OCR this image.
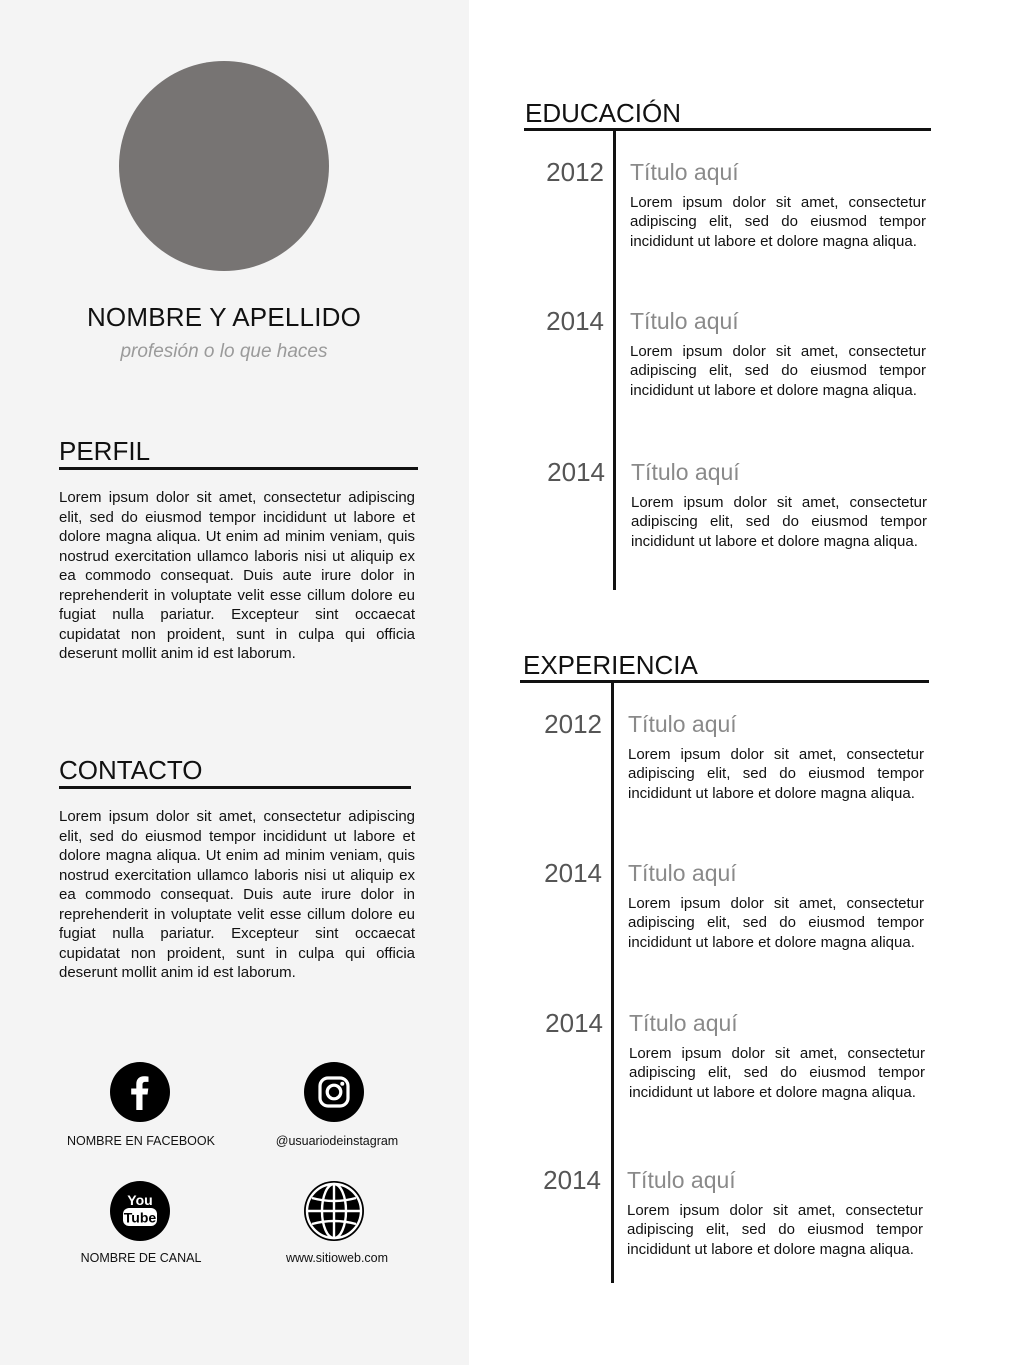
NOMBRE Y APELLIDO
profesión o lo que haces
PERFIL
Lorem ipsum dolor sit amet, consectetur adipiscing elit, sed do eiusmod tempor incididunt ut labore et dolore magna aliqua. Ut enim ad minim veniam, quis nostrud exercitation ullamco laboris nisi ut aliquip ex ea commodo consequat. Duis aute irure dolor in reprehenderit in voluptate velit esse cillum dolore eu fugiat nulla pariatur. Excepteur sint occaecat cupidatat non proident, sunt in culpa qui officia deserunt mollit anim id est laborum.
CONTACTO
Lorem ipsum dolor sit amet, consectetur adipiscing elit, sed do eiusmod tempor incididunt ut labore et dolore magna aliqua. Ut enim ad minim veniam, quis nostrud exercitation ullamco laboris nisi ut aliquip ex ea commodo consequat. Duis aute irure dolor in reprehenderit in voluptate velit esse cillum dolore eu fugiat nulla pariatur. Excepteur sint occaecat cupidatat non proident, sunt in culpa qui officia deserunt mollit anim id est laborum.
NOMBRE EN FACEBOOK	@usuariodeinstagram
You
Tube
NOMBRE DE CANAL	www.sitioweb.com
EDUCACIÓN
2012 Título aquí
Lorem ipsum dolor sit amet, consectetur adipiscing elit, sed do eiusmod tempor incididunt ut labore et dolore magna aliqua.
2014 Título aquí
Lorem ipsum dolor sit amet, consectetur adipiscing elit, sed do eiusmod tempor incididunt ut labore et dolore magna aliqua.
2014 Título aquí
Lorem ipsum dolor sit amet, consectetur adipiscing elit, sed do eiusmod tempor incididunt ut labore et dolore magna aliqua.
EXPERIENCIA
2012 Título aquí
Lorem ipsum dolor sit amet, consectetur adipiscing elit, sed do eiusmod tempor incididunt ut labore et dolore magna aliqua.
2014 Título aquí
Lorem ipsum dolor sit amet, consectetur adipiscing elit, sed do eiusmod tempor incididunt ut labore et dolore magna aliqua.
2014 Título aquí
Lorem ipsum dolor sit amet, consectetur adipiscing elit, sed do eiusmod tempor incididunt ut labore et dolore magna aliqua.
2014 Título aquí
Lorem ipsum dolor sit amet, consectetur adipiscing elit, sed do eiusmod tempor incididunt ut labore et dolore magna aliqua.
